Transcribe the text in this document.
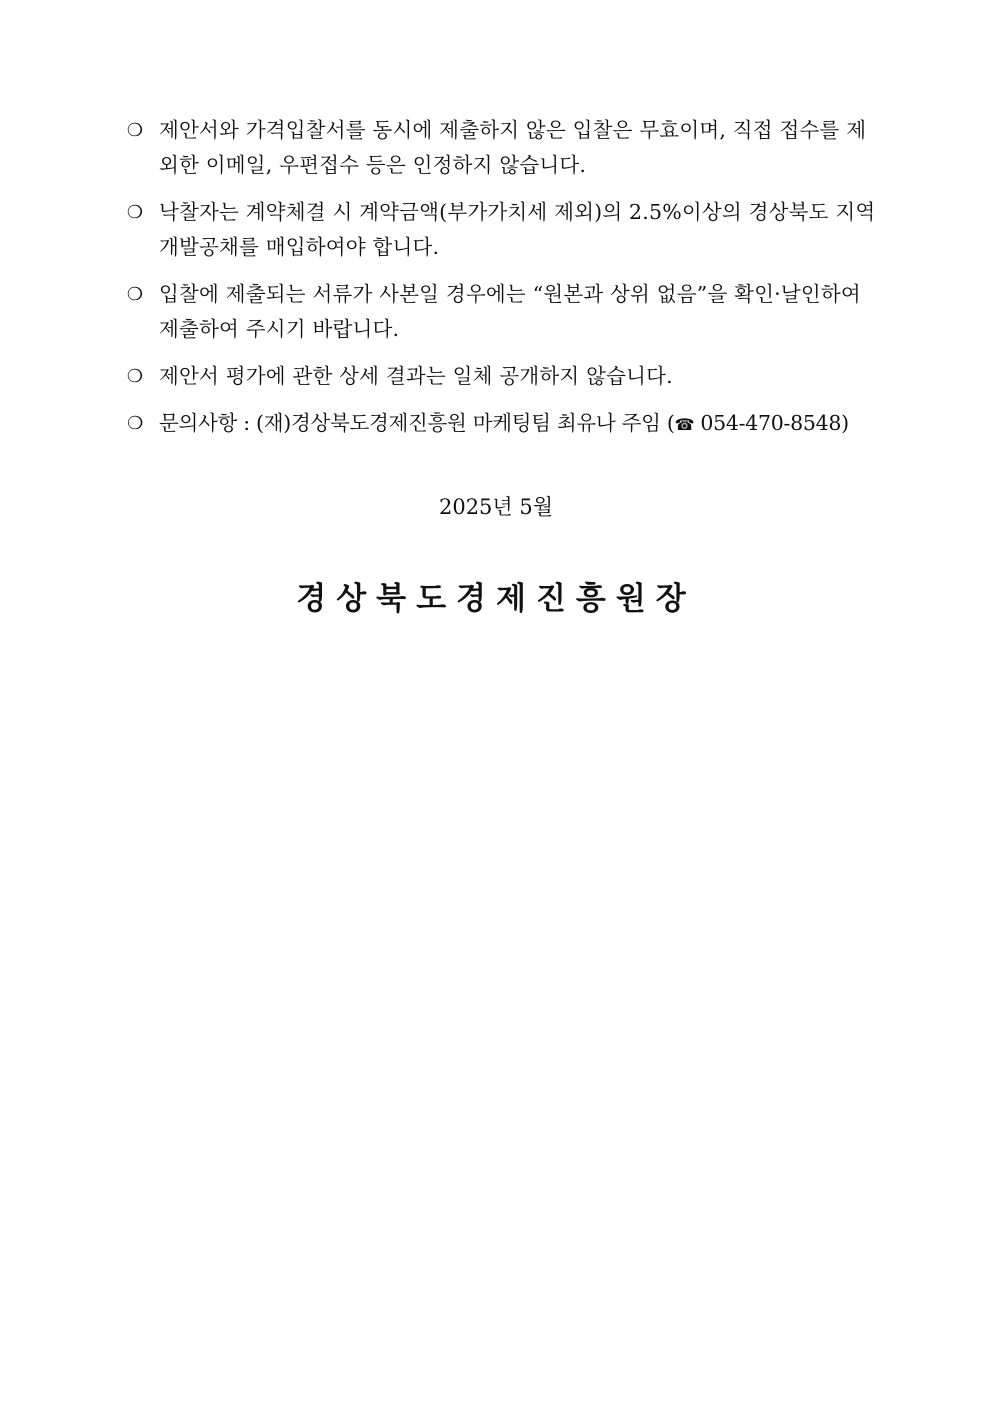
❍ 제안서와 가격입찰서를 동시에 제출하지 않은 입찰은 무효이며, 직접 접수를 제외한 이메일, 우편접수 등은 인정하지 않습니다.
❍ 낙찰자는 계약체결 시 계약금액(부가가치세 제외)의 2.5%이상의 경상북도 지역개발공채를 매입하여야 합니다.
❍ 입찰에 제출되는 서류가 사본일 경우에는 “원본과 상위 없음”을 확인·날인하여 제출하여 주시기 바랍니다.
❍ 제안서 평가에 관한 상세 결과는 일체 공개하지 않습니다.
❍ 문의사항 : (재)경상북도경제진흥원 마케팅팀 최유나 주임 (☎ 054-470-8548)
2025년 5월
경상북도경제진흥원장
